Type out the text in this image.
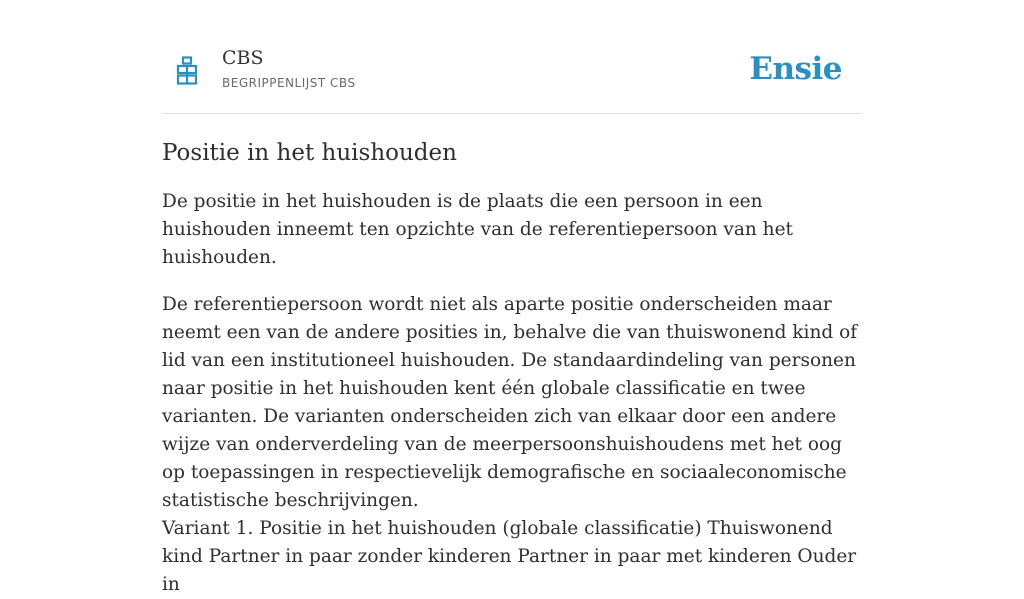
CBS
BEGRIPPENLIJST CBS	Ensie
Positie in het huishouden

De positie in het huishouden is de plaats die een persoon in een huishouden inneemt ten opzichte van de referentiepersoon van het huishouden.

De referentiepersoon wordt niet als aparte positie onderscheiden maar neemt een van de andere posities in, behalve die van thuiswonend kind of lid van een institutioneel huishouden. De standaardindeling van personen naar positie in het huishouden kent één globale classificatie en twee varianten. De varianten onderscheiden zich van elkaar door een andere wijze van onderverdeling van de meerpersoonshuishoudens met het oog op toepassingen in respectievelijk demografische en sociaaleconomische statistische beschrijvingen.
Variant 1. Positie in het huishouden (globale classificatie) Thuiswonend kind Partner in paar zonder kinderen Partner in paar met kinderen Ouder in
